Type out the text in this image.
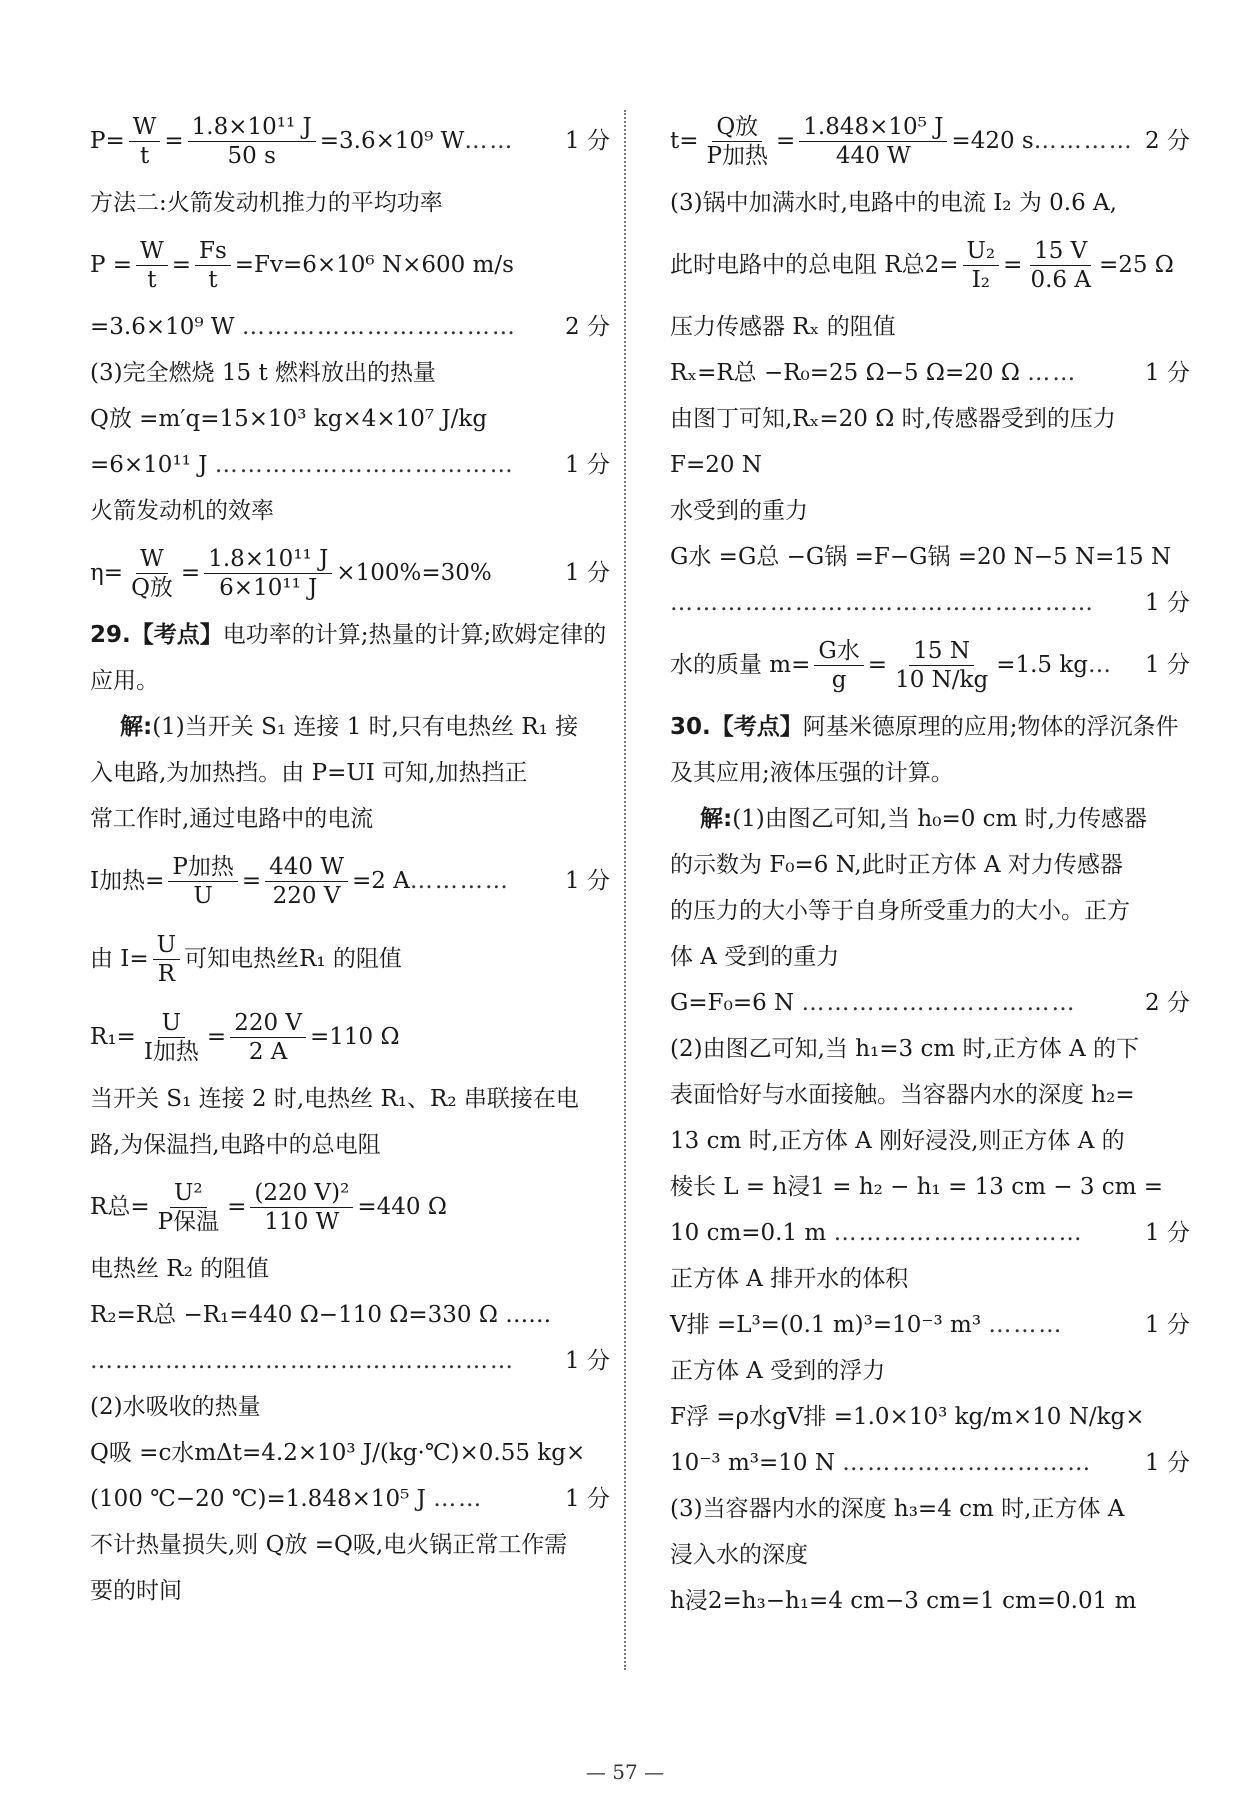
$P= \frac{W}{t} = \frac{\text{1.8×10¹¹ J}}{50 s} =3.6\times 10^9$ W …… 1 分
方法二:火箭发动机推力的平均功率
$P = \frac{W}{t} = \frac{Fs}{t} =Fv=6\times 10^6$ N×600 m/s
=3.6×10⁹ W …………………………… 2 分
(3)完全燃烧 15 t 燃料放出的热量
Q放 =m′q=15×10³ kg×4×10⁷ J/kg
=6×10¹¹ J ……………………………… 1 分
火箭发动机的效率
$\eta= \frac{W}{\text{Q放}} = \frac{\text{1.8×10¹¹ J}}{\text{6×10¹¹ J}} \times 100\%=30\%$	1 分
29.【考点】电功率的计算;热量的计算;欧姆定律的
应用。
解:(1)当开关 S₁ 连接 1 时,只有电热丝 R₁ 接
入电路,为加热挡。由 P=UI 可知,加热挡正
常工作时,通过电路中的电流
I加热= $\frac{\text{P加热}}{U} = \frac{440 W}{220 V} =2$ A ………… 1 分
由 $I= \frac{U}{R}$ 可知电热丝R₁ 的阻值
$R_1= \frac{U}{\text{I加热}} = \frac{220 V}{2 A} =110$ Ω
当开关 S₁ 连接 2 时,电热丝 R₁、R₂ 串联接在电
路,为保温挡,电路中的总电阻
R总= $\frac{\text{U²}}{\text{P保温}} = \frac{\text{(220 V)²}}{110 W} =440$ Ω
电热丝 R₂ 的阻值
R₂=R总 −R₁=440 Ω−110 Ω=330 Ω ……
…………………………………………… 1 分
(2)水吸收的热量
Q吸 =c水mΔt=4.2×10³ J/(kg·℃)×0.55 kg×
(100 ℃−20 ℃)=1.848×10⁵ J ……	1 分
不计热量损失,则 Q放 =Q吸,电火锅正常工作需
要的时间
$t= \frac{\text{Q放}}{\text{P加热}} = \frac{\text{1.848×10⁵ J}}{440 W} =420$ s ………… 2 分
(3)锅中加满水时,电路中的电流 I₂ 为 0.6 A,
此时电路中的总电阻 R总$2= \frac{\text{U₂}}{\text{I₂}} = \frac{15 V}{0.6 A} =25$ Ω
压力传感器 Rₓ 的阻值
Rₓ=R总 −R₀=25 Ω−5 Ω=20 Ω ……	1 分
由图丁可知,Rₓ=20 Ω 时,传感器受到的压力
F=20 N
水受到的重力
G水 =G总 −G锅 =F−G锅 =20 N−5 N=15 N
…………………………………………… 1 分
水的质量 $m= \frac{\text{G水}}{g} = \frac{15 N}{10 N/kg} =1.5$ kg … 1 分
30.【考点】阿基米德原理的应用;物体的浮沉条件
及其应用;液体压强的计算。
解:(1)由图乙可知,当 h₀=0 cm 时,力传感器
的示数为 F₀=6 N,此时正方体 A 对力传感器
的压力的大小等于自身所受重力的大小。正方
体 A 受到的重力
G=F₀=6 N ……………………………	2 分
(2)由图乙可知,当 h₁=3 cm 时,正方体 A 的下
表面恰好与水面接触。当容器内水的深度 h₂=
13 cm 时,正方体 A 刚好浸没,则正方体 A 的
棱长 L = h浸1 = h₂ − h₁ = 13 cm − 3 cm =
10 cm=0.1 m …………………………	1 分
正方体 A 排开水的体积
V排 =L³=(0.1 m)³=10⁻³ m³ ………	1 分
正方体 A 受到的浮力
F浮 =ρ水gV排 =1.0×10³ kg/m×10 N/kg×
10⁻³ m³=10 N ………………………… 1 分
(3)当容器内水的深度 h₃=4 cm 时,正方体 A
浸入水的深度
h浸2=h₃−h₁=4 cm−3 cm=1 cm=0.01 m
— 57 —
